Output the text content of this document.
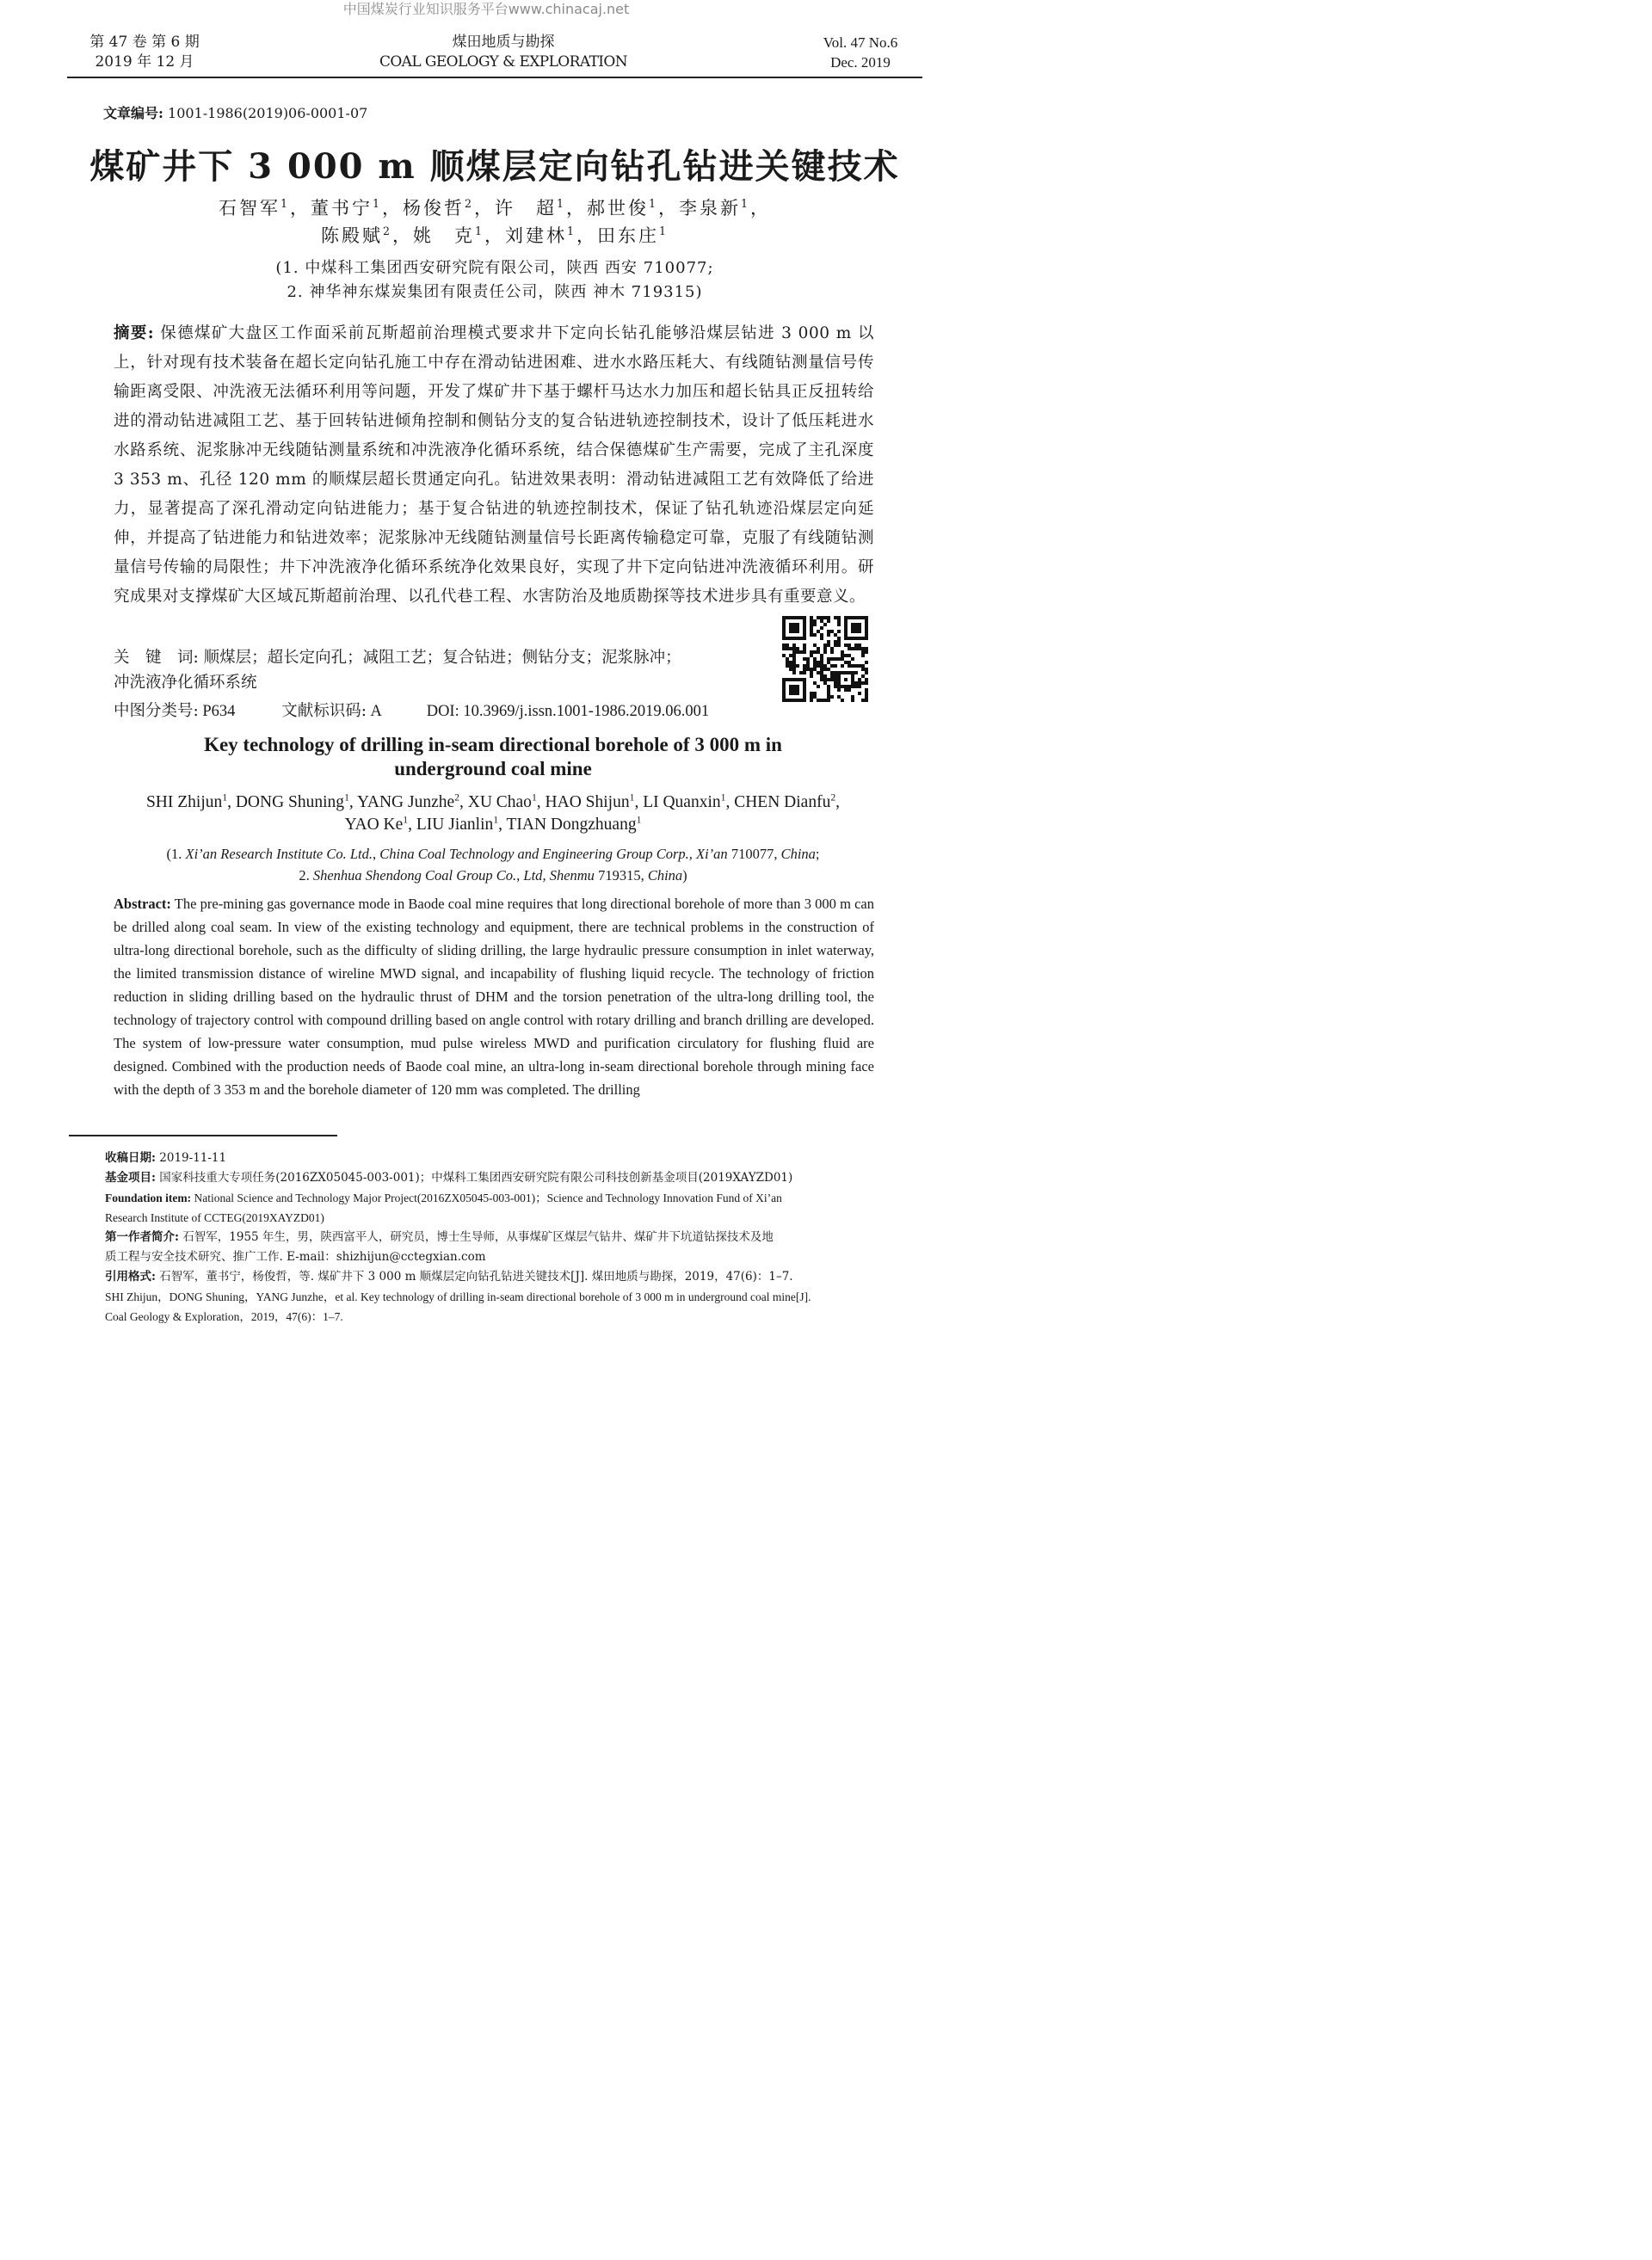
中国煤炭行业知识服务平台www.chinacaj.net
第 47 卷 第 6 期
2019 年 12 月
煤田地质与勘探
COAL GEOLOGY & EXPLORATION
Vol. 47 No.6
Dec. 2019
文章编号: 1001-1986(2019)06-0001-07
煤矿井下 3 000 m 顺煤层定向钻孔钻进关键技术
石智军$^1$，董书宁$^1$，杨俊哲$^2$，许　超$^1$，郝世俊$^1$，李泉新$^1$，
陈殿赋$^2$，姚　克$^1$，刘建林$^1$，田东庄$^1$
(1. 中煤科工集团西安研究院有限公司，陕西 西安 710077;
2. 神华神东煤炭集团有限责任公司，陕西 神木 719315)
摘要: 保德煤矿大盘区工作面采前瓦斯超前治理模式要求井下定向长钻孔能够沿煤层钻进 3 000 m 以上，针对现有技术装备在超长定向钻孔施工中存在滑动钻进困难、进水水路压耗大、有线随钻测量信号传输距离受限、冲洗液无法循环利用等问题，开发了煤矿井下基于螺杆马达水力加压和超长钻具正反扭转给进的滑动钻进减阻工艺、基于回转钻进倾角控制和侧钻分支的复合钻进轨迹控制技术，设计了低压耗进水水路系统、泥浆脉冲无线随钻测量系统和冲洗液净化循环系统，结合保德煤矿生产需要，完成了主孔深度 3 353 m、孔径 120 mm 的顺煤层超长贯通定向孔。钻进效果表明：滑动钻进减阻工艺有效降低了给进力，显著提高了深孔滑动定向钻进能力；基于复合钻进的轨迹控制技术，保证了钻孔轨迹沿煤层定向延伸，并提高了钻进能力和钻进效率；泥浆脉冲无线随钻测量信号长距离传输稳定可靠，克服了有线随钻测量信号传输的局限性；井下冲洗液净化循环系统净化效果良好，实现了井下定向钻进冲洗液循环利用。研究成果对支撑煤矿大区域瓦斯超前治理、以孔代巷工程、水害防治及地质勘探等技术进步具有重要意义。
关　键　词: 顺煤层；超长定向孔；减阻工艺；复合钻进；侧钻分支；泥浆脉冲；
冲洗液净化循环系统
中图分类号: P634	文献标识码: A	DOI: 10.3969/j.issn.1001-1986.2019.06.001
Key technology of drilling in-seam directional borehole of 3 000 m in
underground coal mine
SHI Zhijun$^1$, DONG Shuning$^1$, YANG Junzhe$^2$, XU Chao$^1$, HAO Shijun$^1$, LI Quanxin$^1$, CHEN Dianfu$^2$,
YAO Ke$^1$, LIU Jianlin$^1$, TIAN Dongzhuang$^1$
(1. Xi’an Research Institute Co. Ltd., China Coal Technology and Engineering Group Corp., Xi’an 710077, China;
2. Shenhua Shendong Coal Group Co., Ltd, Shenmu 719315, China)
Abstract: The pre-mining gas governance mode in Baode coal mine requires that long directional borehole of more than 3 000 m can be drilled along coal seam. In view of the existing technology and equipment, there are technical problems in the construction of ultra-long directional borehole, such as the difficulty of sliding drilling, the large hydraulic pressure consumption in inlet waterway, the limited transmission distance of wireline MWD signal, and incapability of flushing liquid recycle. The technology of friction reduction in sliding drilling based on the hydraulic thrust of DHM and the torsion penetration of the ultra-long drilling tool, the technology of trajectory control with compound drilling based on angle control with rotary drilling and branch drilling are developed. The system of low-pressure water consumption, mud pulse wireless MWD and purification circulatory for flushing fluid are designed. Combined with the production needs of Baode coal mine, an ultra-long in-seam directional borehole through mining face with the depth of 3 353 m and the borehole diameter of 120 mm was completed. The drilling
收稿日期: 2019-11-11
基金项目: 国家科技重大专项任务(2016ZX05045-003-001)；中煤科工集团西安研究院有限公司科技创新基金项目(2019XAYZD01)
Foundation item: National Science and Technology Major Project(2016ZX05045-003-001)；Science and Technology Innovation Fund of Xi’an
Research Institute of CCTEG(2019XAYZD01)
第一作者简介: 石智军，1955 年生，男，陕西富平人，研究员，博士生导师，从事煤矿区煤层气钻井、煤矿井下坑道钻探技术及地
质工程与安全技术研究、推广工作. E-mail：shizhijun@cctegxian.com
引用格式: 石智军，董书宁，杨俊哲，等. 煤矿井下 3 000 m 顺煤层定向钻孔钻进关键技术[J]. 煤田地质与勘探，2019，47(6)：1–7.
SHI Zhijun，DONG Shuning，YANG Junzhe，et al. Key technology of drilling in-seam directional borehole of 3 000 m in underground coal mine[J].
Coal Geology & Exploration，2019，47(6)：1–7.
